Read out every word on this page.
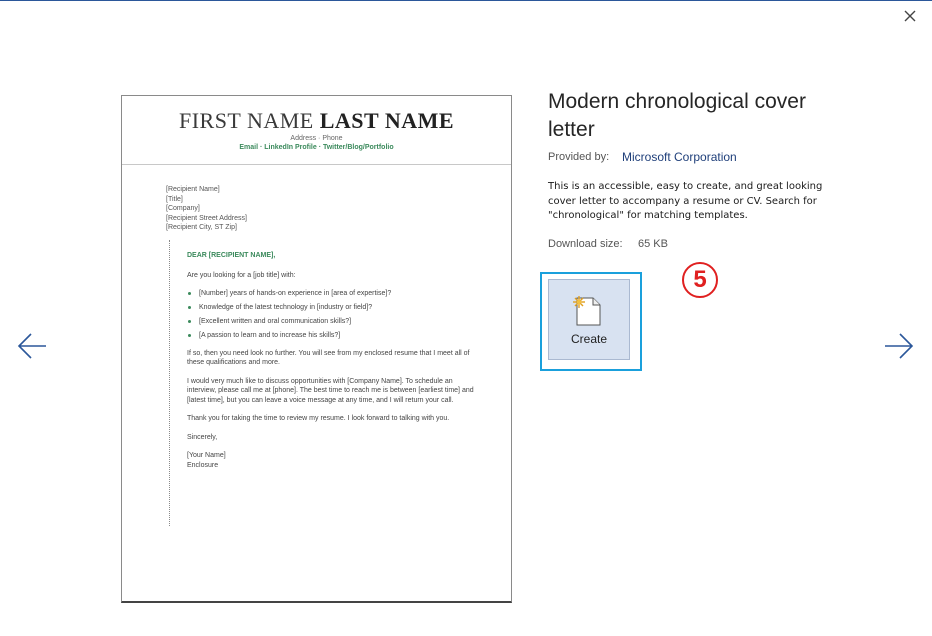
FIRST NAME LAST NAME
Address · Phone
Email · LinkedIn Profile · Twitter/Blog/Portfolio
[Recipient Name]
[Title]
[Company]
[Recipient Street Address]
[Recipient City, ST Zip]
DEAR [RECIPIENT NAME],

Are you looking for a [job title] with:

[Number] years of hands-on experience in [area of expertise]?
Knowledge of the latest technology in [industry or field]?
[Excellent written and oral communication skills?]
[A passion to learn and to increase his skills?]

If so, then you need look no further. You will see from my enclosed resume that I meet all of these qualifications and more.

I would very much like to discuss opportunities with [Company Name]. To schedule an interview, please call me at [phone]. The best time to reach me is between [earliest time] and [latest time], but you can leave a voice message at any time, and I will return your call.

Thank you for taking the time to review my resume. I look forward to talking with you.

Sincerely,

[Your Name]
Enclosure
Modern chronological cover letter
Provided by: Microsoft Corporation
This is an accessible, easy to create, and great looking cover letter to accompany a resume or CV. Search for "chronological" for matching templates.
Download size: 65 KB
Create
5
